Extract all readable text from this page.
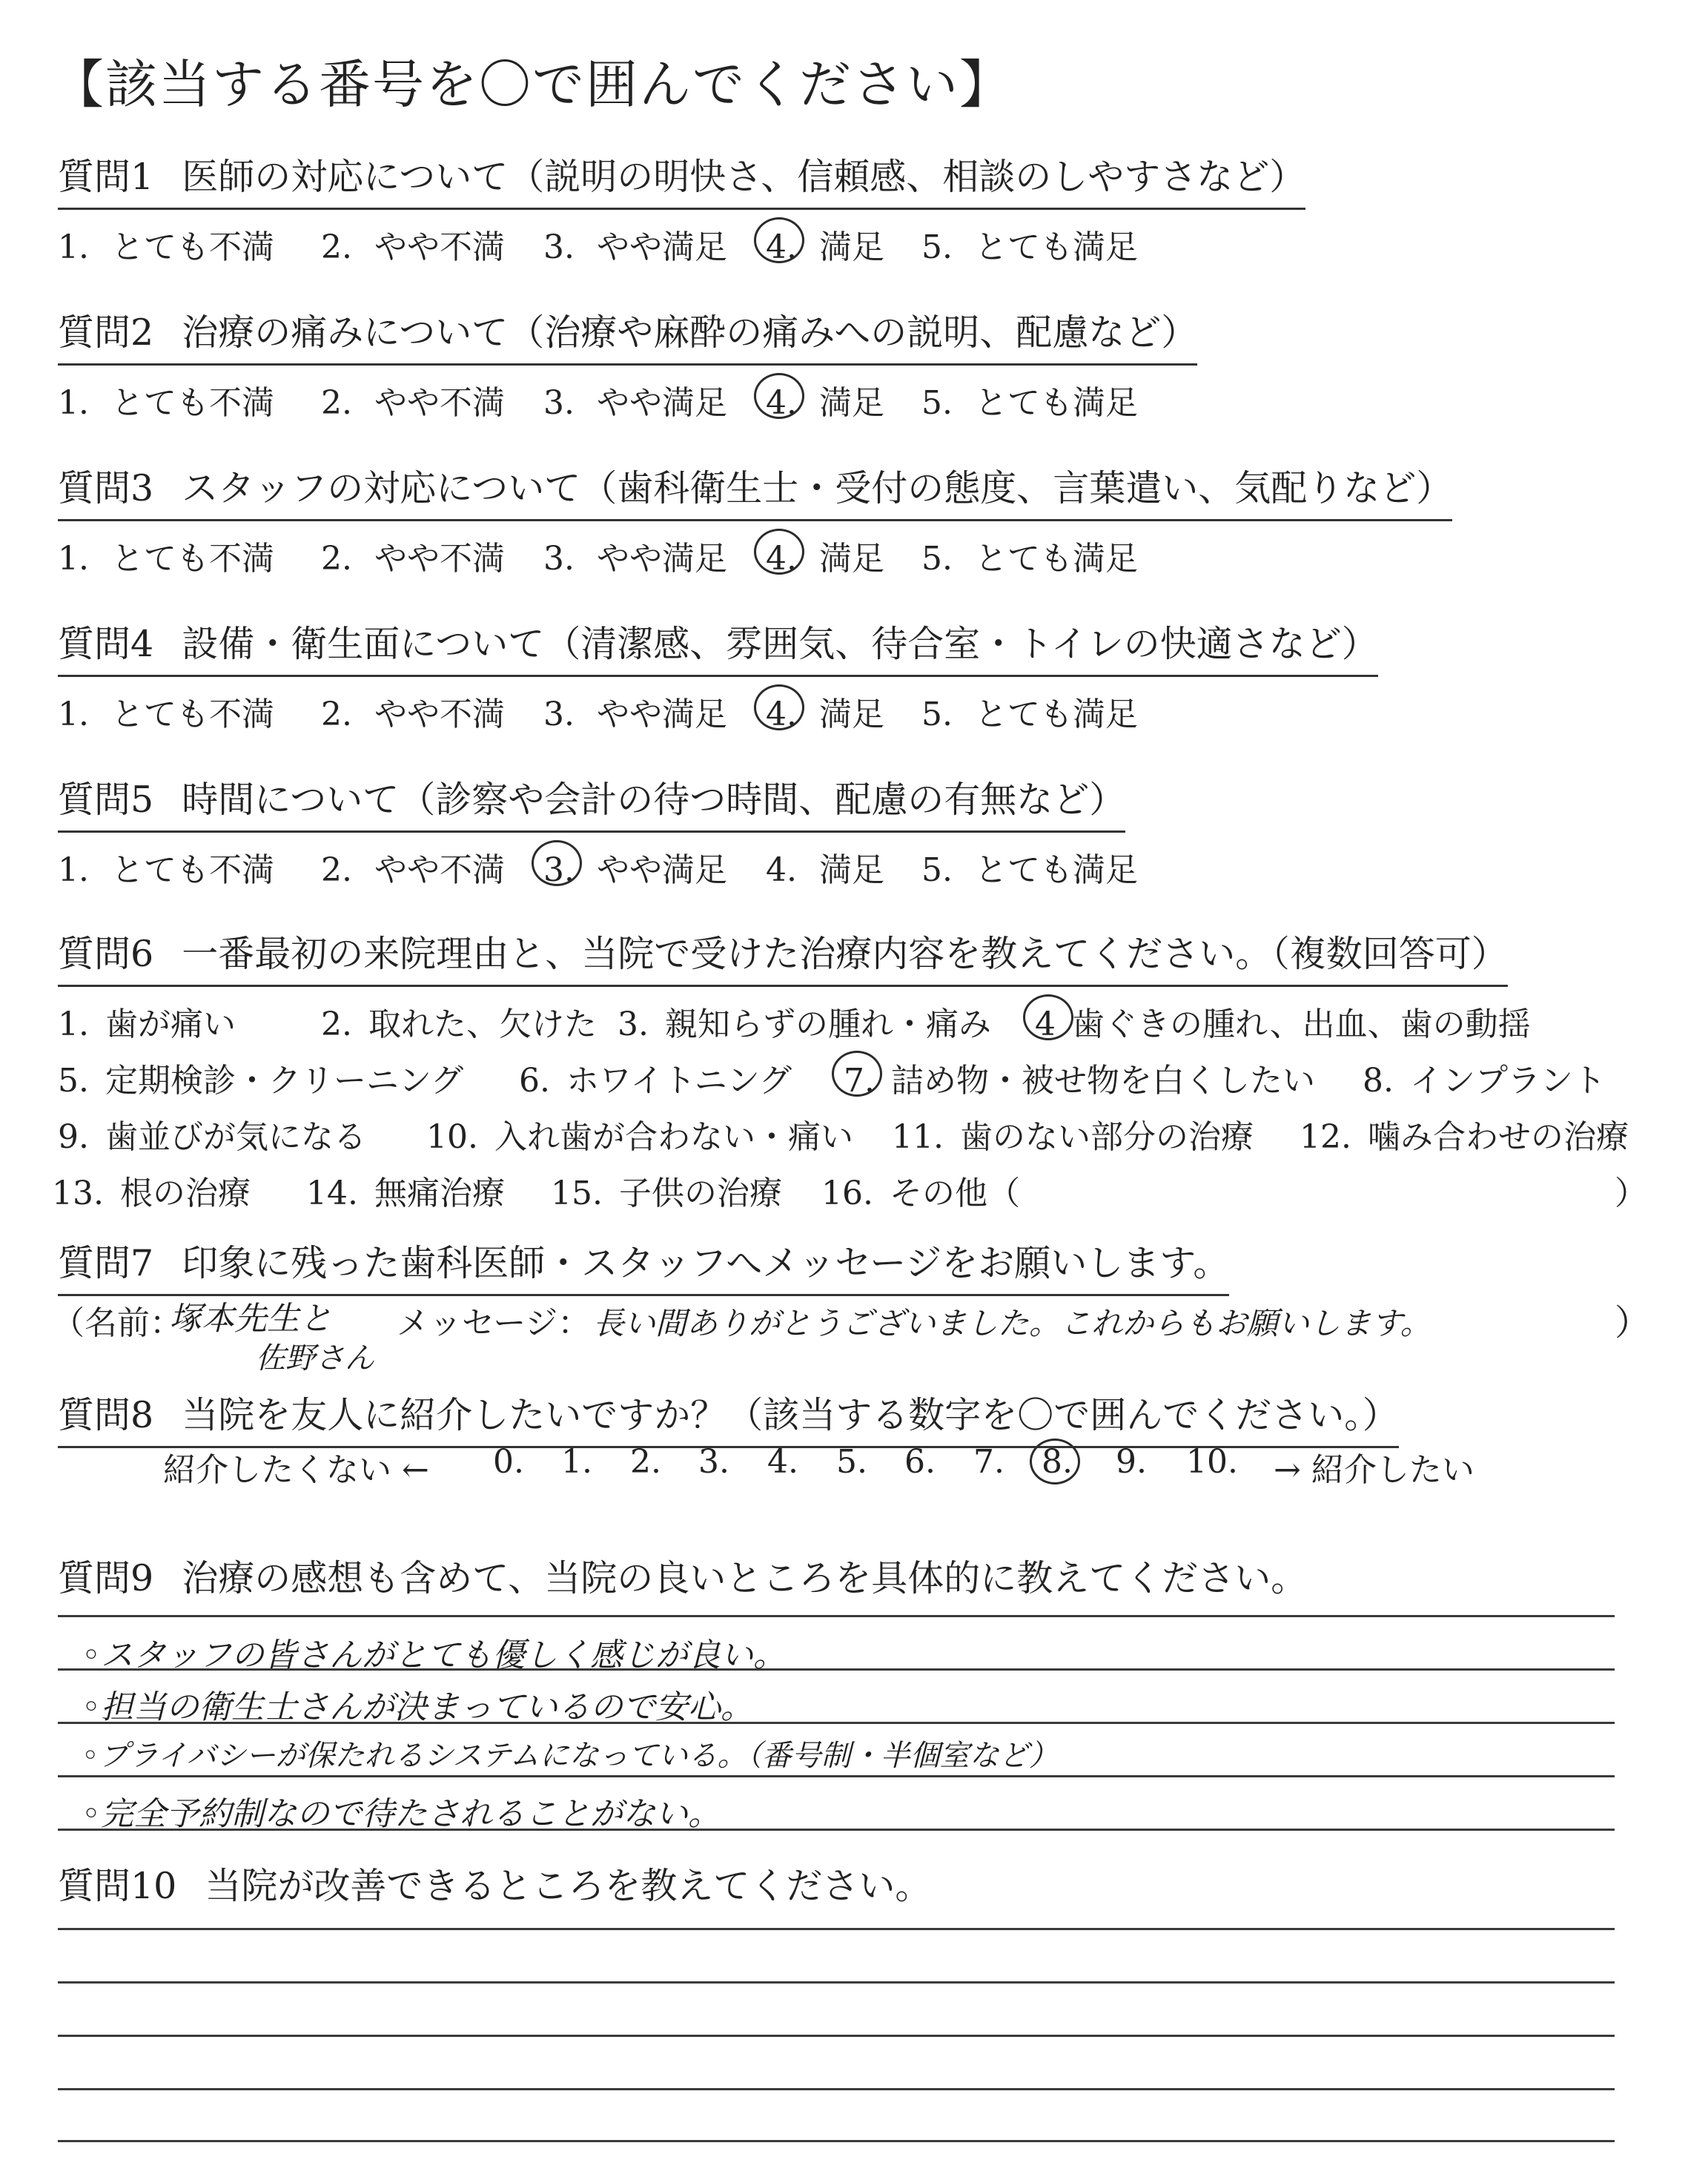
【該当する番号を〇で囲んでください】
質問1 医師の対応について（説明の明快さ、信頼感、相談のしやすさなど）
1. とても不満 2. やや不満 3. やや満足 4. 満足 5. とても満足
質問2 治療の痛みについて（治療や麻酔の痛みへの説明、配慮など）
1. とても不満 2. やや不満 3. やや満足 4. 満足 5. とても満足
質問3 スタッフの対応について（歯科衛生士・受付の態度、言葉遣い、気配りなど）
1. とても不満 2. やや不満 3. やや満足 4. 満足 5. とても満足
質問4 設備・衛生面について（清潔感、雰囲気、待合室・トイレの快適さなど）
1. とても不満 2. やや不満 3. やや満足 4. 満足 5. とても満足
質問5 時間について（診察や会計の待つ時間、配慮の有無など）
1. とても不満 2. やや不満 3. やや満足 4. 満足 5. とても満足
質問6 一番最初の来院理由と、当院で受けた治療内容を教えてください。（複数回答可）
1. 歯が痛い	2. 取れた、欠けた 3. 親知らずの腫れ・痛み 4 歯ぐきの腫れ、出血、歯の動揺
5. 定期検診・クリーニング 6. ホワイトニング 7. 詰め物・被せ物を白くしたい 8. インプラント
9. 歯並びが気になる 10. 入れ歯が合わない・痛い 11. 歯のない部分の治療 12. 噛み合わせの治療
13. 根の治療 14. 無痛治療 15. 子供の治療 16. その他（	）
質問7 印象に残った歯科医師・スタッフへメッセージをお願いします。
（名前：
塚本先生と
佐野さん
メッセージ： 長い間ありがとうございました。これからもお願いします。	）
質問8 当院を友人に紹介したいですか？（該当する数字を〇で囲んでください。）
紹介したくない ← 0. 1. 2. 3. 4. 5. 6. 7. 8. 9. 10. → 紹介したい
質問9 治療の感想も含めて、当院の良いところを具体的に教えてください。
◦スタッフの皆さんがとても優しく感じが良い。
◦担当の衛生士さんが決まっているので安心。
◦プライバシーが保たれるシステムになっている。（番号制・半個室など）
◦完全予約制なので待たされることがない。
質問10 当院が改善できるところを教えてください。
